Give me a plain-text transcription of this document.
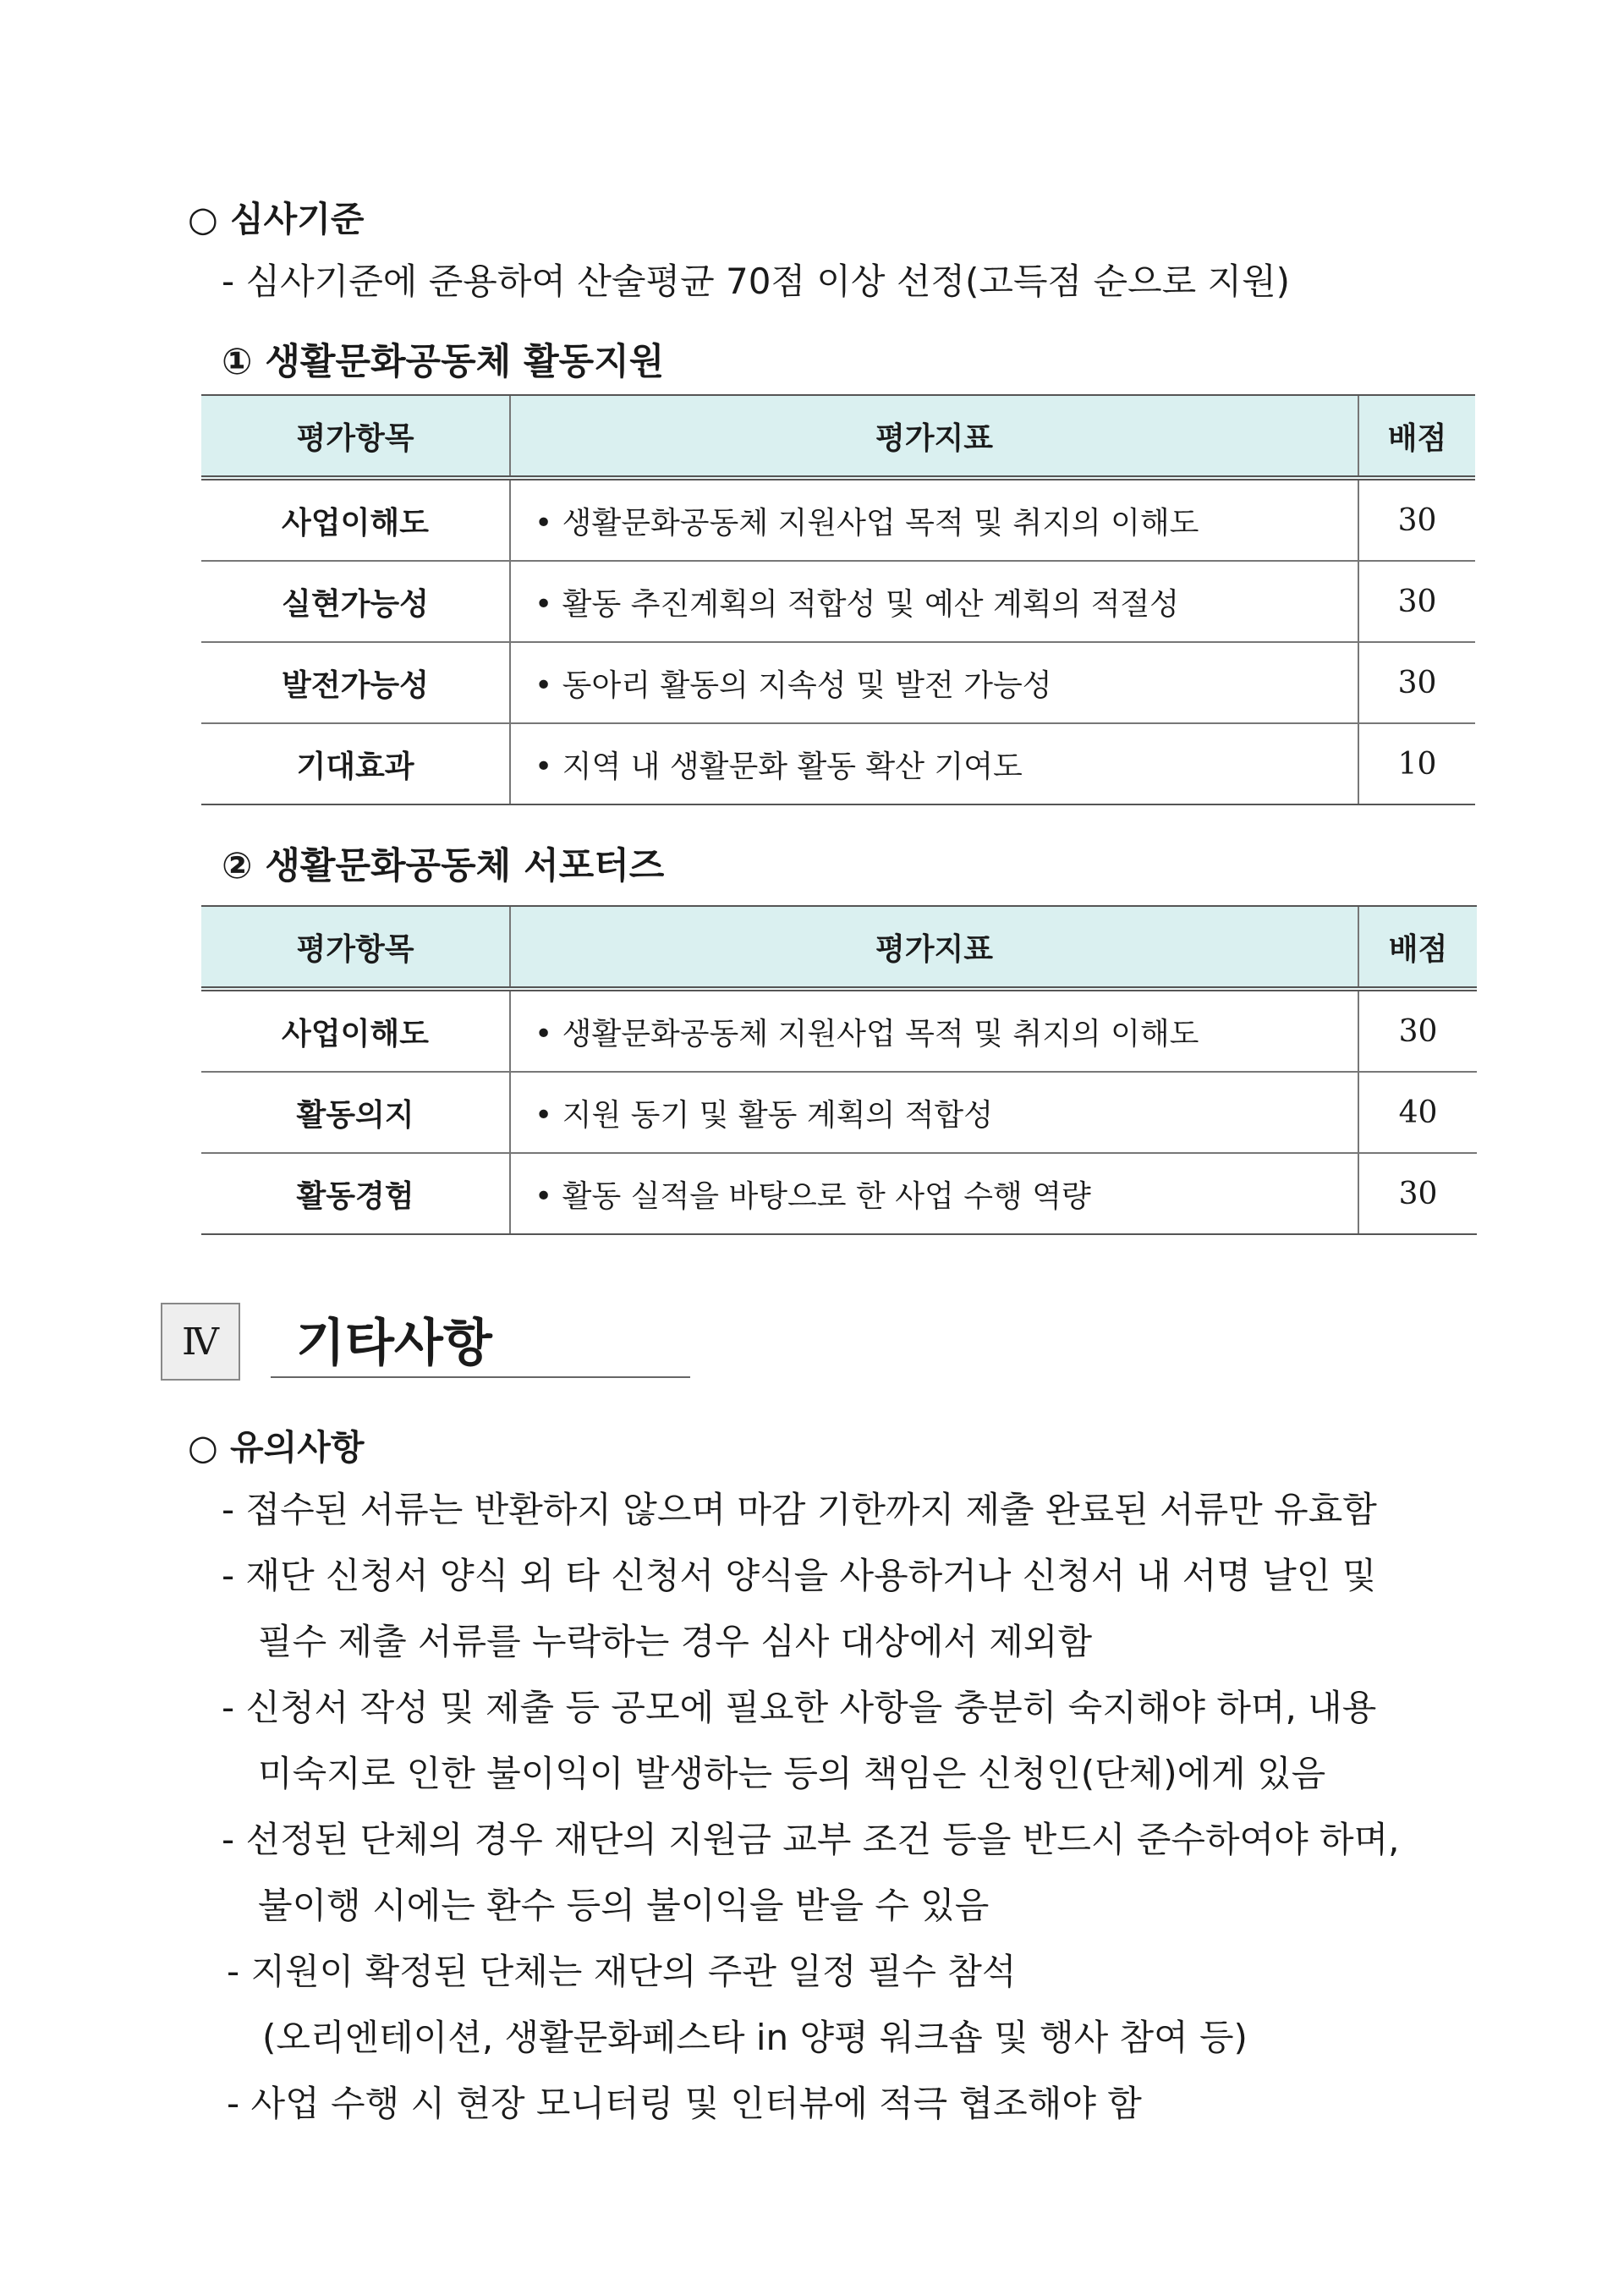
○ 심사기준
- 심사기준에 준용하여 산술평균 70점 이상 선정(고득점 순으로 지원)
① 생활문화공동체 활동지원
평가항목	평가지표	배점
사업이해도	• 생활문화공동체 지원사업 목적 및 취지의 이해도	30
실현가능성	• 활동 추진계획의 적합성 및 예산 계획의 적절성	30
발전가능성	• 동아리 활동의 지속성 및 발전 가능성	30
기대효과	• 지역 내 생활문화 활동 확산 기여도	10
② 생활문화공동체 서포터즈
평가항목	평가지표	배점
사업이해도	• 생활문화공동체 지원사업 목적 및 취지의 이해도	30
활동의지	• 지원 동기 및 활동 계획의 적합성	40
활동경험	• 활동 실적을 바탕으로 한 사업 수행 역량	30
Ⅳ	기타사항
○ 유의사항
- 접수된 서류는 반환하지 않으며 마감 기한까지 제출 완료된 서류만 유효함
- 재단 신청서 양식 외 타 신청서 양식을 사용하거나 신청서 내 서명 날인 및
필수 제출 서류를 누락하는 경우 심사 대상에서 제외함
- 신청서 작성 및 제출 등 공모에 필요한 사항을 충분히 숙지해야 하며, 내용
미숙지로 인한 불이익이 발생하는 등의 책임은 신청인(단체)에게 있음
- 선정된 단체의 경우 재단의 지원금 교부 조건 등을 반드시 준수하여야 하며,
불이행 시에는 환수 등의 불이익을 받을 수 있음
- 지원이 확정된 단체는 재단의 주관 일정 필수 참석
(오리엔테이션, 생활문화페스타 in 양평 워크숍 및 행사 참여 등)
- 사업 수행 시 현장 모니터링 및 인터뷰에 적극 협조해야 함
